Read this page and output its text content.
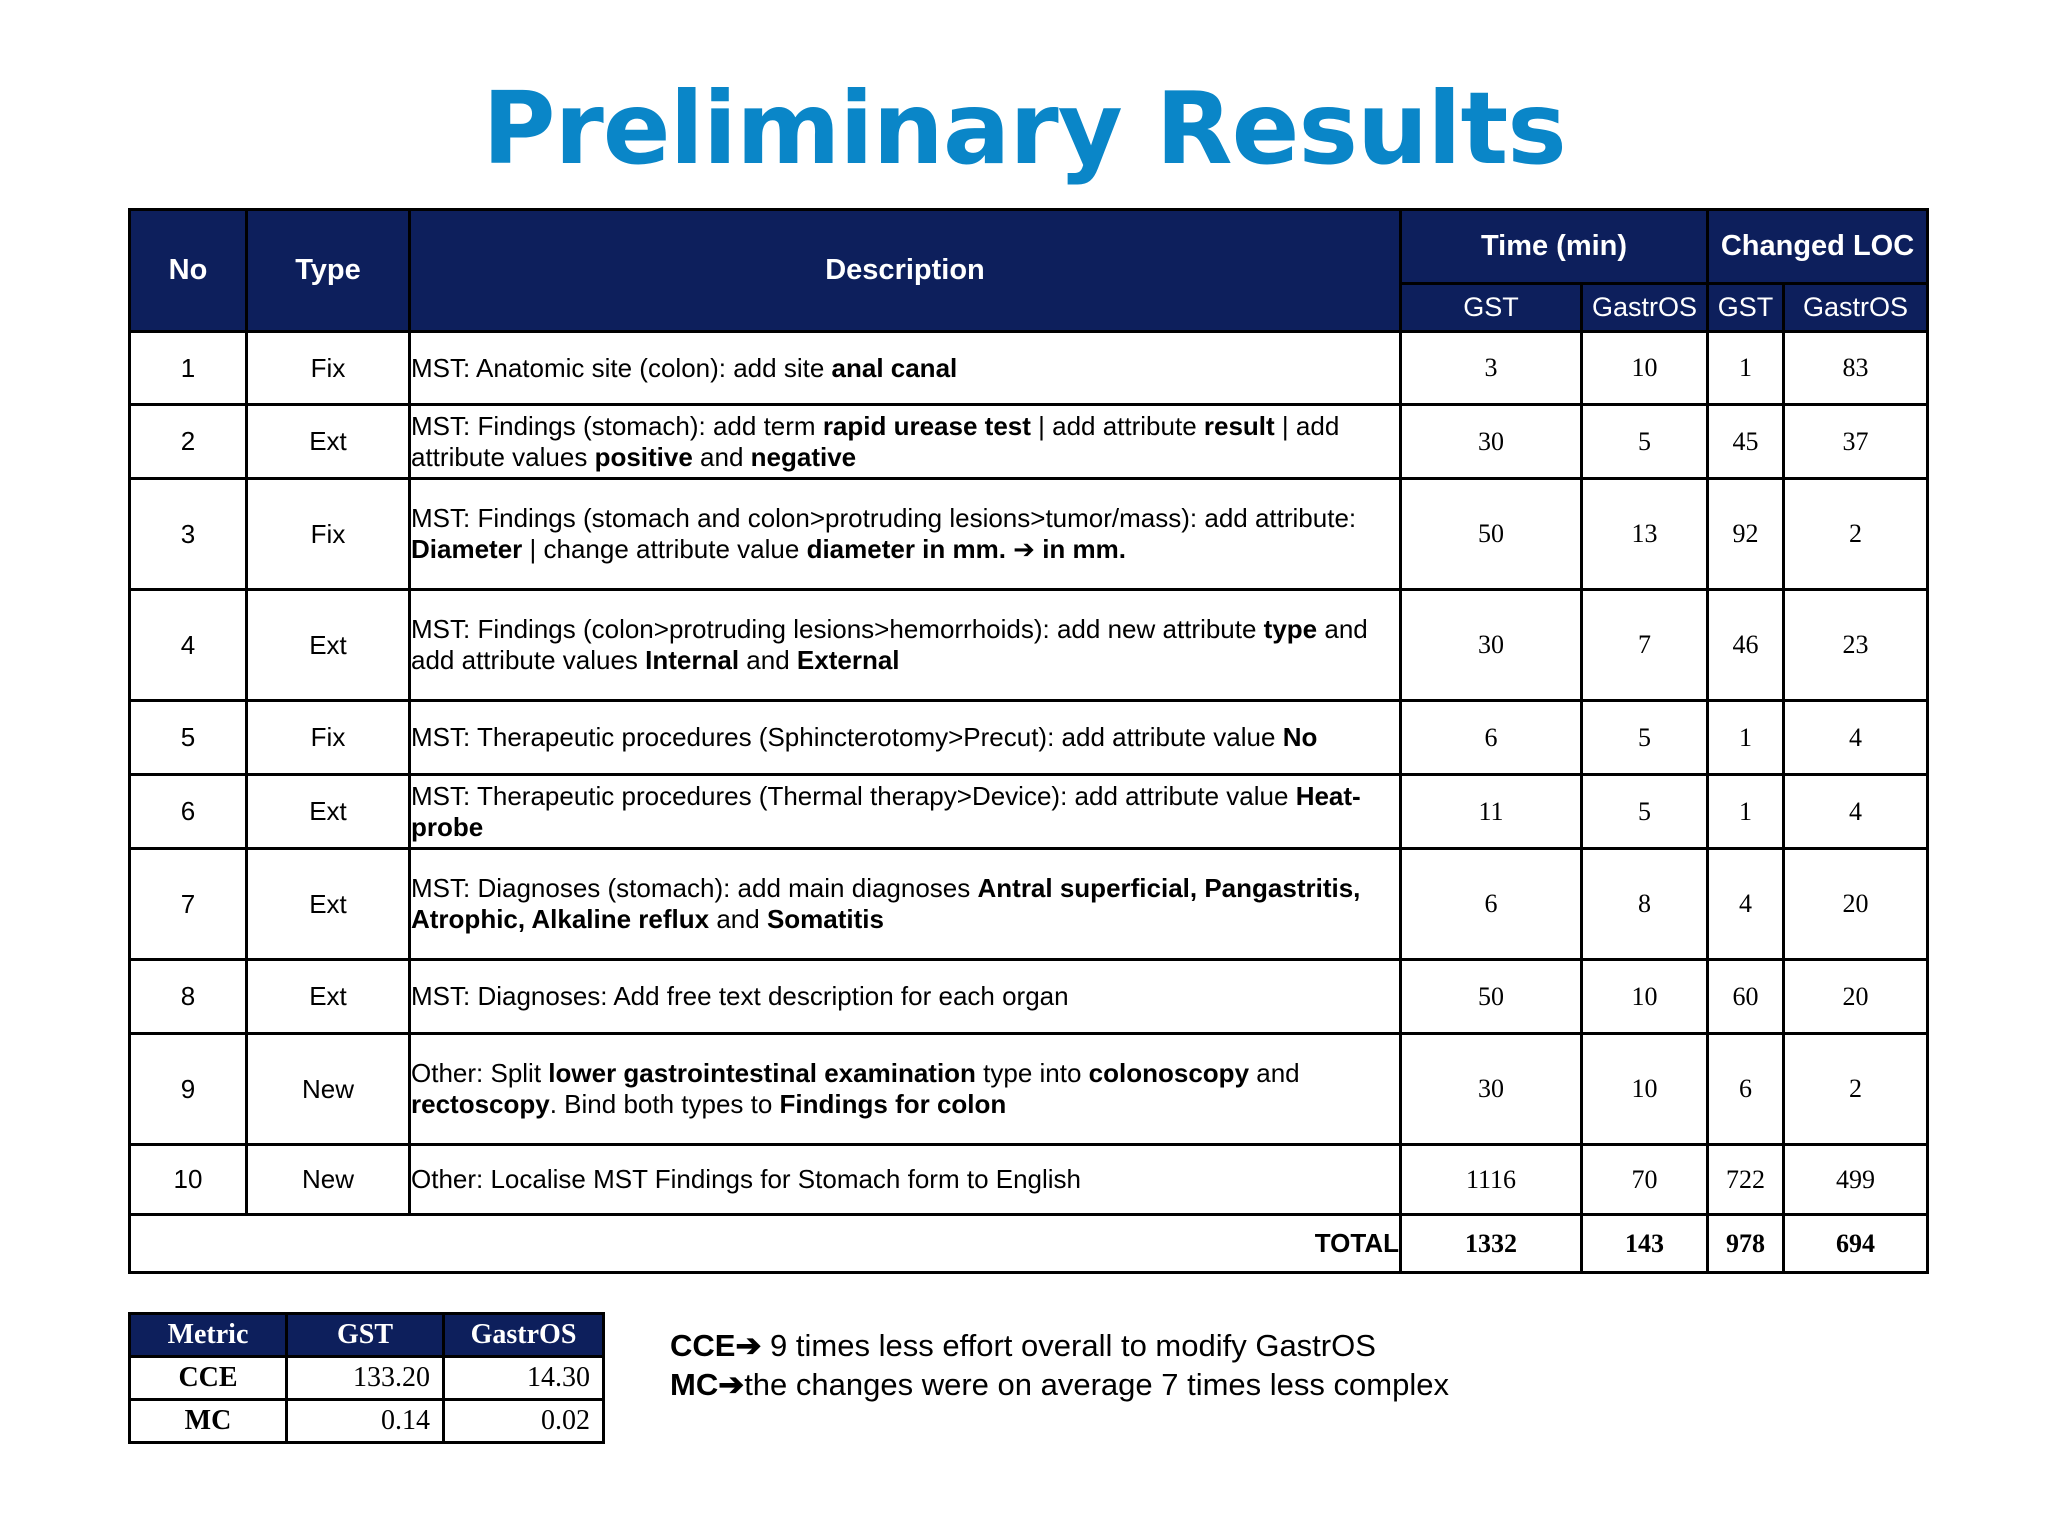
Preliminary Results
No	Type	Description	Time (min)		Changed LOC	
			GST	GastrOS	GST	GastrOS
1	Fix	MST: Anatomic site (colon): add site anal canal	3	10	1	83
2	Ext	MST: Findings (stomach): add term rapid urease test | add attribute result | add attribute values positive and negative	30	5	45	37
3	Fix	MST: Findings (stomach and colon>protruding lesions>tumor/mass): add attribute: Diameter | change attribute value diameter in mm. ➔ in mm.	50	13	92	2
4	Ext	MST: Findings (colon>protruding lesions>hemorrhoids): add new attribute type and add attribute values Internal and External	30	7	46	23
5	Fix	MST: Therapeutic procedures (Sphincterotomy>Precut): add attribute value No	6	5	1	4
6	Ext	MST: Therapeutic procedures (Thermal therapy>Device): add attribute value Heat-probe	11	5	1	4
7	Ext	MST: Diagnoses (stomach): add main diagnoses Antral superficial, Pangastritis, Atrophic, Alkaline reflux and Somatitis	6	8	4	20
8	Ext	MST: Diagnoses: Add free text description for each organ	50	10	60	20
9	New	Other: Split lower gastrointestinal examination type into colonoscopy and rectoscopy. Bind both types to Findings for colon	30	10	6	2
10	New	Other: Localise MST Findings for Stomach form to English	1116	70	722	499
TOTAL			1332	143	978	694
Metric	GST	GastrOS
CCE	133.20	14.30
MC	0.14	0.02
CCE➔ 9 times less effort overall to modify GastrOS
MC➔the changes were on average 7 times less complex
